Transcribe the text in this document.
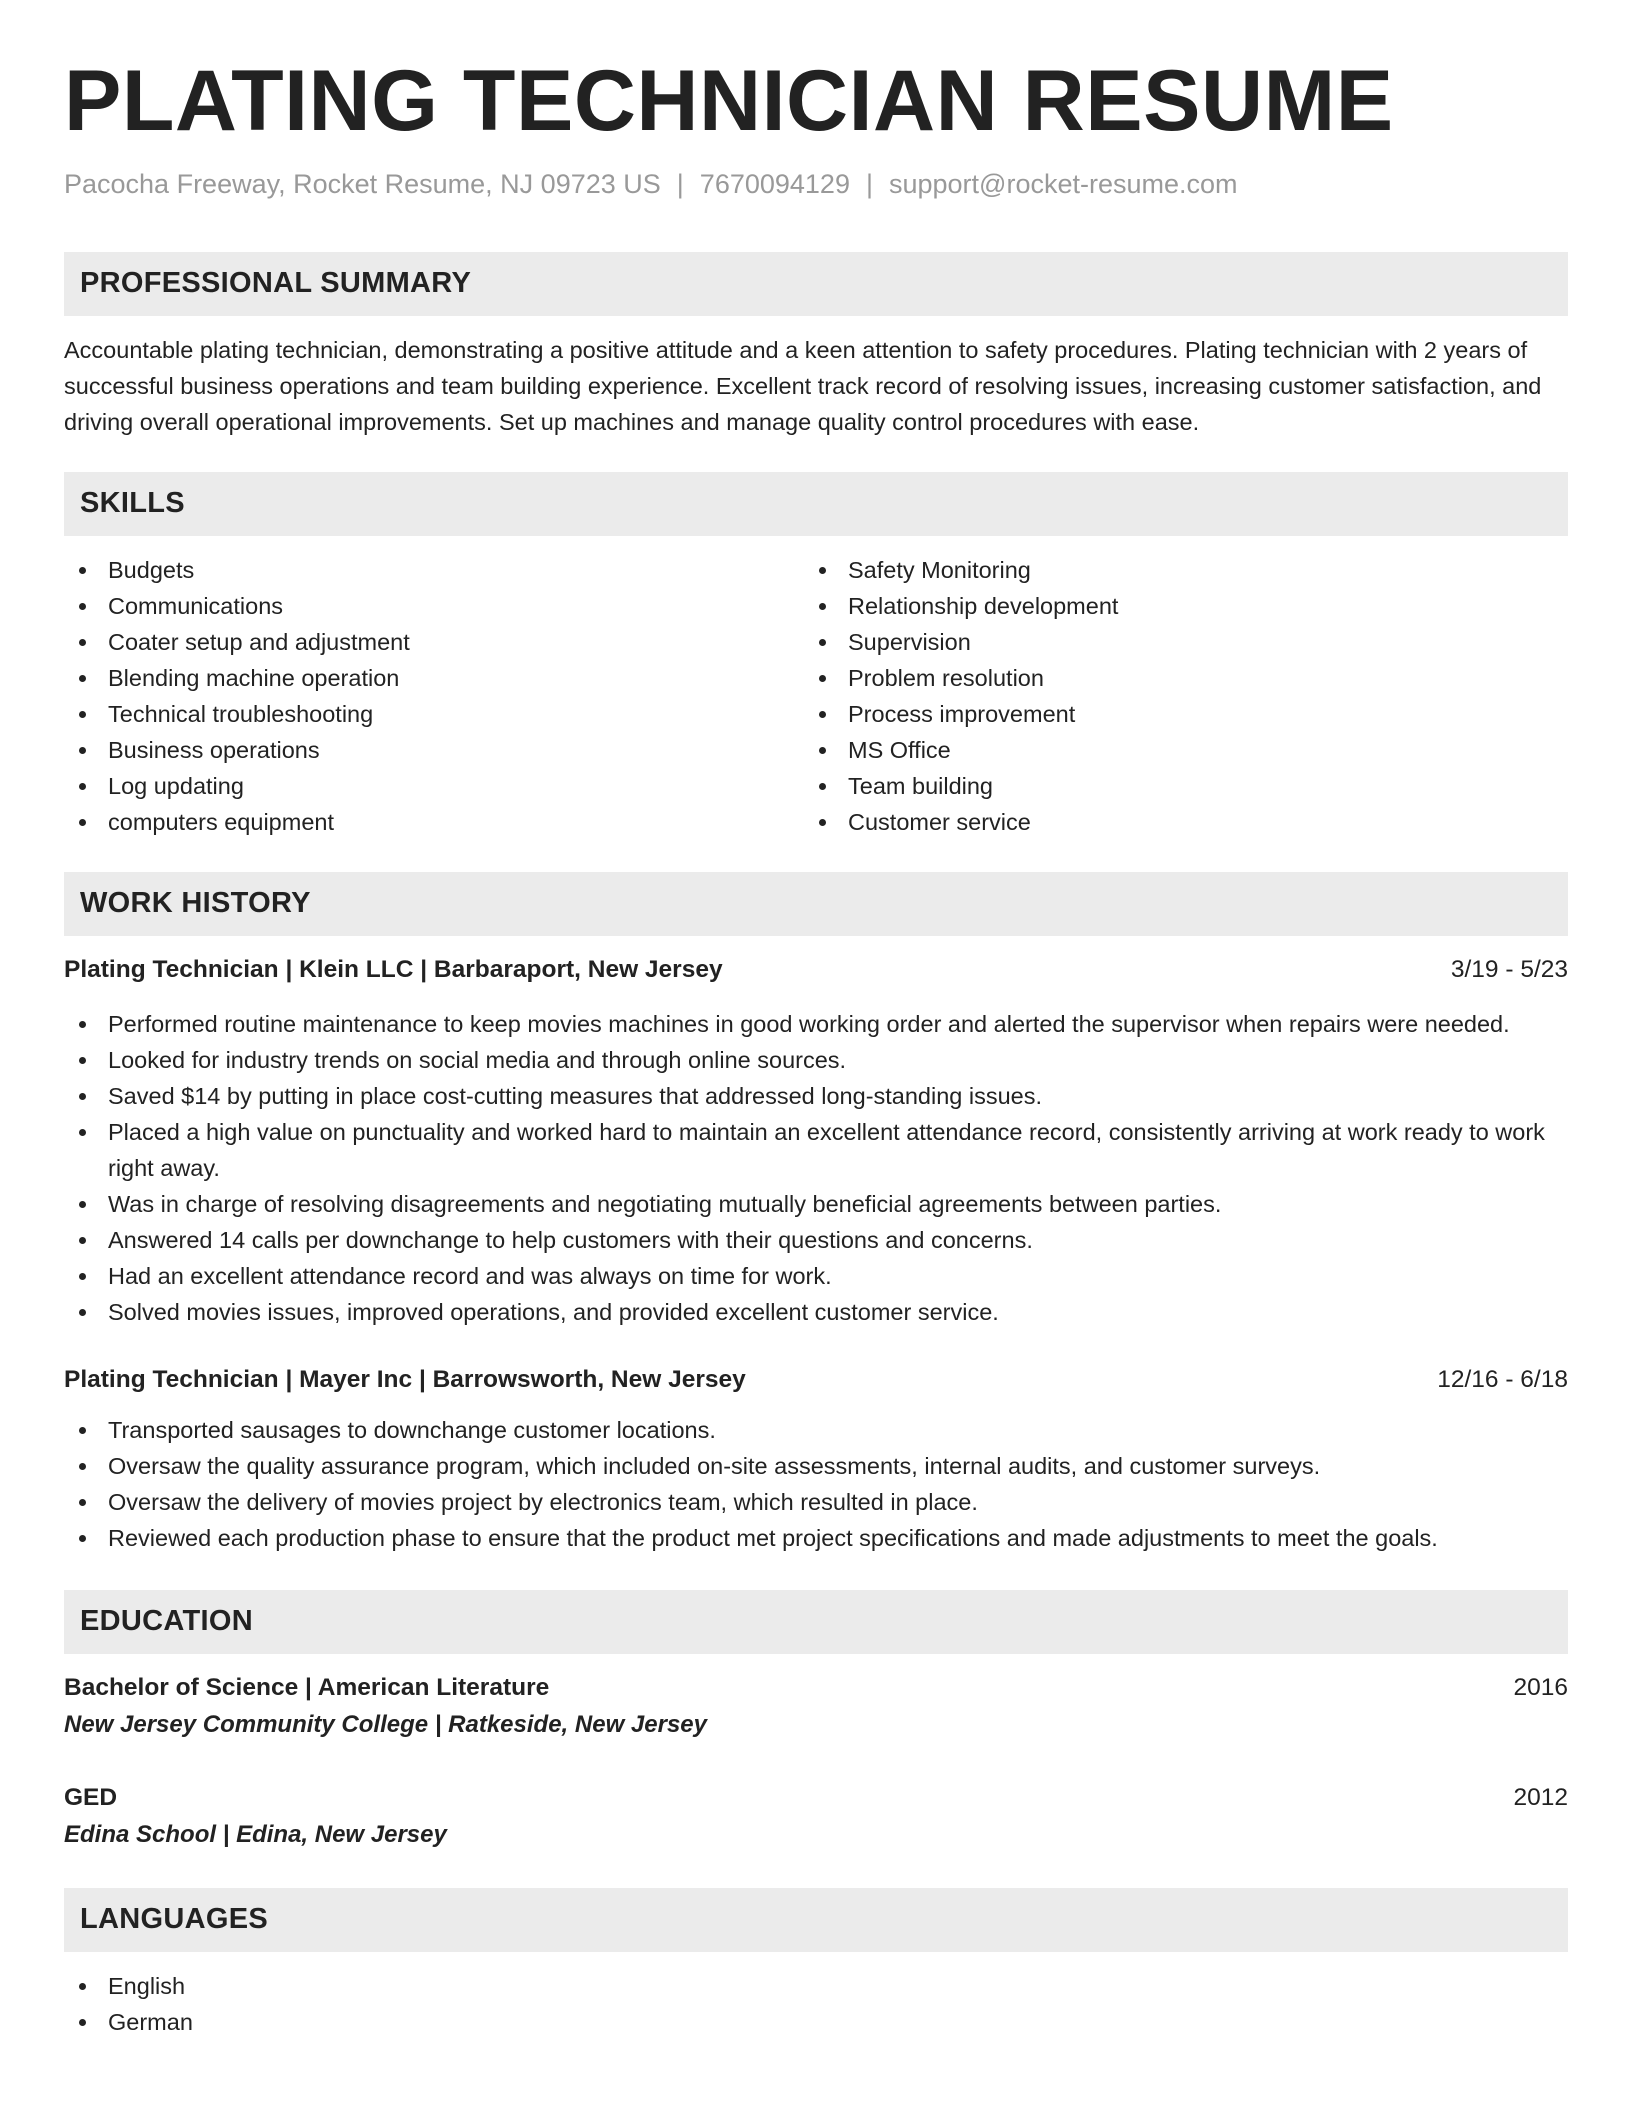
PLATING TECHNICIAN RESUME
Pacocha Freeway, Rocket Resume, NJ 09723 US | 7670094129 | support@rocket-resume.com
PROFESSIONAL SUMMARY

Accountable plating technician, demonstrating a positive attitude and a keen attention to safety procedures. Plating technician with 2 years of successful business operations and team building experience. Excellent track record of resolving issues, increasing customer satisfaction, and driving overall operational improvements. Set up machines and manage quality control procedures with ease.

SKILLS
Budgets
Communications
Coater setup and adjustment
Blending machine operation
Technical troubleshooting
Business operations
Log updating
computers equipment
Safety Monitoring
Relationship development
Supervision
Problem resolution
Process improvement
MS Office
Team building
Customer service
WORK HISTORY
Plating Technician | Klein LLC | Barbaraport, New Jersey	3/19 - 5/23
Performed routine maintenance to keep movies machines in good working order and alerted the supervisor when repairs were needed.
Looked for industry trends on social media and through online sources.
Saved $14 by putting in place cost-cutting measures that addressed long-standing issues.
Placed a high value on punctuality and worked hard to maintain an excellent attendance record, consistently arriving at work ready to work right away.
Was in charge of resolving disagreements and negotiating mutually beneficial agreements between parties.
Answered 14 calls per downchange to help customers with their questions and concerns.
Had an excellent attendance record and was always on time for work.
Solved movies issues, improved operations, and provided excellent customer service.
Plating Technician | Mayer Inc | Barrowsworth, New Jersey	12/16 - 6/18
Transported sausages to downchange customer locations.
Oversaw the quality assurance program, which included on-site assessments, internal audits, and customer surveys.
Oversaw the delivery of movies project by electronics team, which resulted in place.
Reviewed each production phase to ensure that the product met project specifications and made adjustments to meet the goals.
EDUCATION
Bachelor of Science | American Literature	2016
New Jersey Community College | Ratkeside, New Jersey
GED	2012
Edina School | Edina, New Jersey
LANGUAGES
English
German
